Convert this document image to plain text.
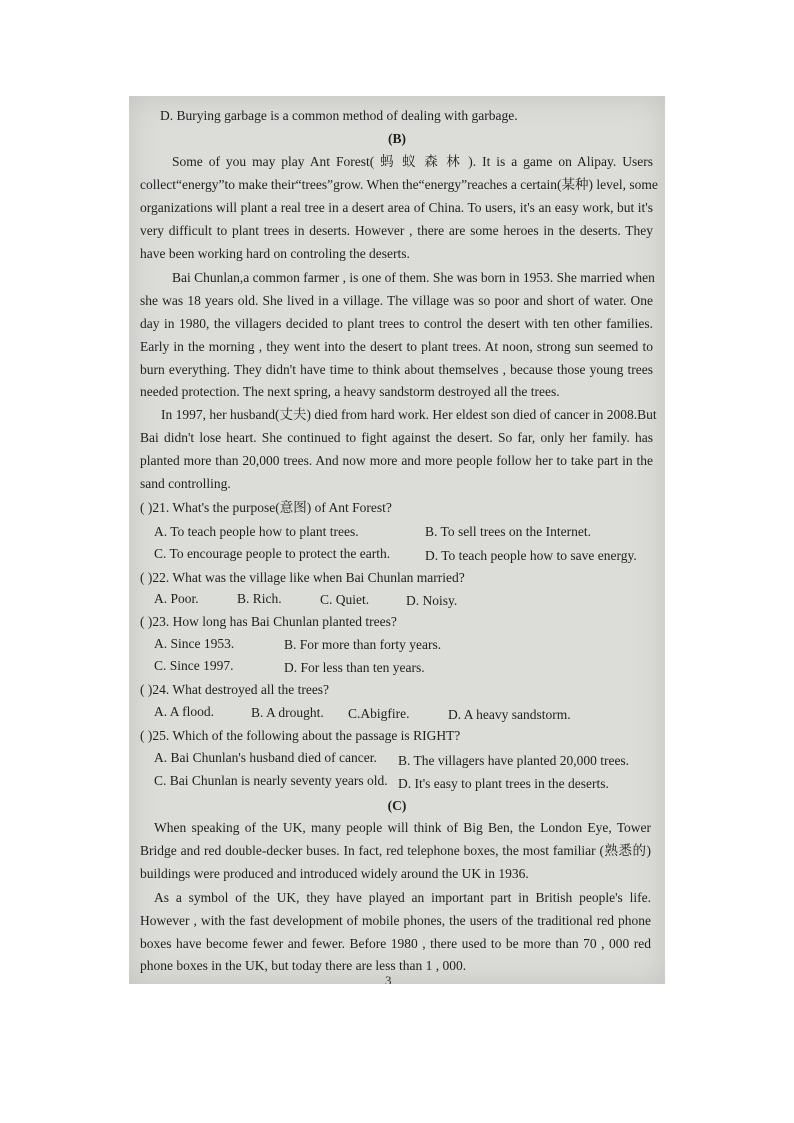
D. Burying garbage is a common method of dealing with garbage.
(B)
Some of you may play Ant Forest( 蚂 蚁 森 林 ). It is a game on Alipay. Users
collect“energy”to make their“trees”grow. When the“energy”reaches a certain(某种) level, some
organizations will plant a real tree in a desert area of China. To users, it's an easy work, but it's
very difficult to plant trees in deserts. However , there are some heroes in the deserts. They
have been working hard on controling the deserts.
Bai Chunlan,a common farmer , is one of them. She was born in 1953. She married when
she was 18 years old. She lived in a village. The village was so poor and short of water. One
day in 1980, the villagers decided to plant trees to control the desert with ten other families.
Early in the morning , they went into the desert to plant trees. At noon, strong sun seemed to
burn everything. They didn't have time to think about themselves , because those young trees
needed protection. The next spring, a heavy sandstorm destroyed all the trees.
In 1997, her husband(丈夫) died from hard work. Her eldest son died of cancer in 2008.But
Bai didn't lose heart. She continued to fight against the desert. So far, only her family. has
planted more than 20,000 trees. And now more and more people follow her to take part in the
sand controlling.
( )21. What's the purpose(意图) of Ant Forest?
A. To teach people how to plant trees.	B. To sell trees on the Internet.
C. To encourage people to protect the earth.	D. To teach people how to save energy.
( )22. What was the village like when Bai Chunlan married?
A. Poor.	B. Rich.	C. Quiet.	D. Noisy.
( )23. How long has Bai Chunlan planted trees?
A. Since 1953.	B. For more than forty years.
C. Since 1997.	D. For less than ten years.
( )24. What destroyed all the trees?
A. A flood.	B. A drought. C.Abigfire.	D. A heavy sandstorm.
( )25. Which of the following about the passage is RIGHT?
A. Bai Chunlan's husband died of cancer. B. The villagers have planted 20,000 trees.
C. Bai Chunlan is nearly seventy years old. D. It's easy to plant trees in the deserts.
(C)
When speaking of the UK, many people will think of Big Ben, the London Eye, Tower
Bridge and red double-decker buses. In fact, red telephone boxes, the most familiar (熟悉的)
buildings were produced and introduced widely around the UK in 1936.
As a symbol of the UK, they have played an important part in British people's life.
However , with the fast development of mobile phones, the users of the traditional red phone
boxes have become fewer and fewer. Before 1980 , there used to be more than 70 , 000 red
phone boxes in the UK, but today there are less than 1 , 000.
3
